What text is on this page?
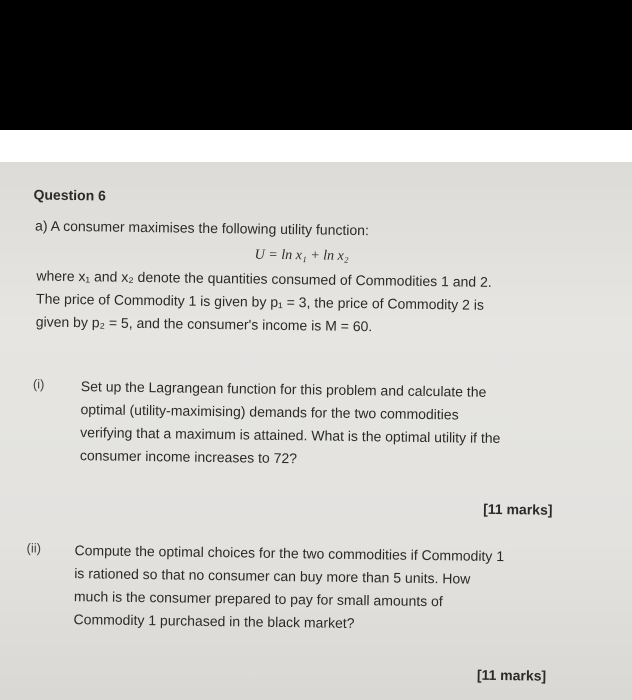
Question 6
a) A consumer maximises the following utility function:
U = ln x₁ + ln x₂
where x₁ and x₂ denote the quantities consumed of Commodities 1 and 2.
The price of Commodity 1 is given by p₁ = 3, the price of Commodity 2 is
given by p₂ = 5, and the consumer's income is M = 60.
(i)	Set up the Lagrangean function for this problem and calculate the
optimal (utility-maximising) demands for the two commodities
verifying that a maximum is attained. What is the optimal utility if the
consumer income increases to 72?
[11 marks]
(ii) Compute the optimal choices for the two commodities if Commodity 1
is rationed so that no consumer can buy more than 5 units. How
much is the consumer prepared to pay for small amounts of
Commodity 1 purchased in the black market?
[11 marks]
